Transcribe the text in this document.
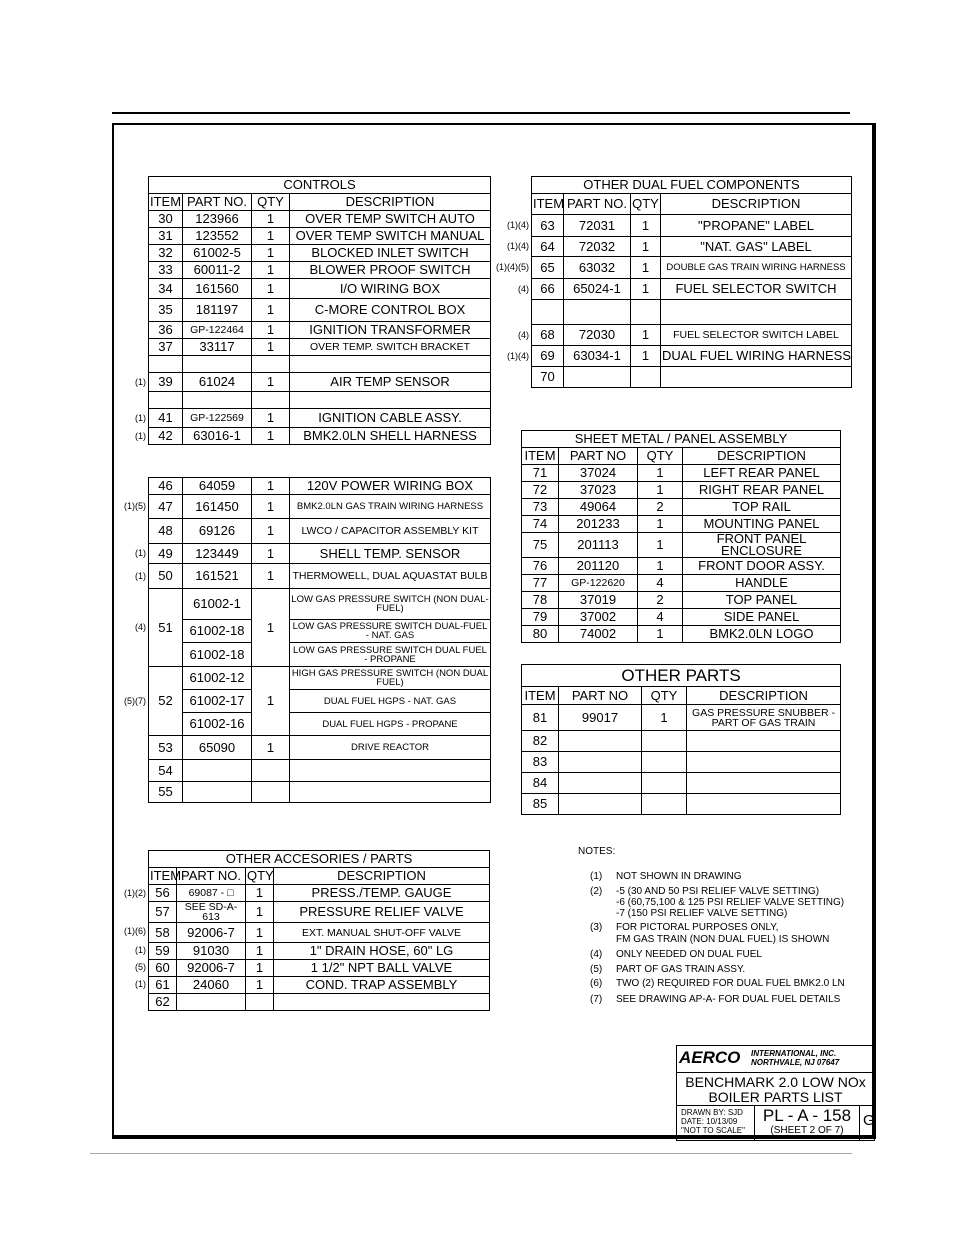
CONTROLS			
ITEM	PART NO.	QTY	DESCRIPTION
30	123966	1	OVER TEMP SWITCH AUTO
31	123552	1	OVER TEMP SWITCH MANUAL
32	61002-5	1	BLOCKED INLET SWITCH
33	60011-2	1	BLOWER PROOF SWITCH
34	161560	1	I/O WIRING BOX
35	181197	1	C-MORE CONTROL BOX
36	GP-122464	1	IGNITION TRANSFORMER
37	33117	1	OVER TEMP. SWITCH BRACKET

39	61024	1	AIR TEMP SENSOR

41	GP-122569	1	IGNITION CABLE ASSY.
42	63016-1	1	BMK2.0LN SHELL HARNESS
46	64059	1	120V POWER WIRING BOX
47	161450	1	BMK2.0LN GAS TRAIN WIRING HARNESS
48	69126	1	LWCO / CAPACITOR ASSEMBLY KIT
49	123449	1	SHELL TEMP. SENSOR
50	161521	1	THERMOWELL, DUAL AQUASTAT BULB
51	61002-1	1	LOW GAS PRESSURE SWITCH (NON DUAL-FUEL)
	61002-18		LOW GAS PRESSURE SWITCH DUAL-FUEL - NAT. GAS
	61002-18		LOW GAS PRESSURE SWITCH DUAL FUEL - PROPANE
52	61002-12	1	HIGH GAS PRESSURE SWITCH (NON DUAL FUEL)
	61002-17		DUAL FUEL HGPS - NAT. GAS
	61002-16		DUAL FUEL HGPS - PROPANE
53	65090	1	DRIVE REACTOR
54			
55			
OTHER ACCESORIES / PARTS			
ITEM	PART NO.	QTY	DESCRIPTION
56	69087 - □	1	PRESS./TEMP. GAUGE
57	SEE SD-A-613	1	PRESSURE RELIEF VALVE
58	92006-7	1	EXT. MANUAL SHUT-OFF VALVE
59	91030	1	1" DRAIN HOSE, 60" LG
60	92006-7	1	1 1/2" NPT BALL VALVE
61	24060	1	COND. TRAP ASSEMBLY
62			
OTHER DUAL FUEL COMPONENTS			
ITEM	PART NO.	QTY	DESCRIPTION
63	72031	1	"PROPANE" LABEL
64	72032	1	"NAT. GAS" LABEL
65	63032	1	DOUBLE GAS TRAIN WIRING HARNESS
66	65024-1	1	FUEL SELECTOR SWITCH

68	72030	1	FUEL SELECTOR SWITCH LABEL
69	63034-1	1	DUAL FUEL WIRING HARNESS
70			
SHEET METAL / PANEL ASSEMBLY			
ITEM	PART NO	QTY	DESCRIPTION
71	37024	1	LEFT REAR PANEL
72	37023	1	RIGHT REAR PANEL
73	49064	2	TOP RAIL
74	201233	1	MOUNTING PANEL
75	201113	1	FRONT PANEL ENCLOSURE
76	201120	1	FRONT DOOR ASSY.
77	GP-122620	4	HANDLE
78	37019	2	TOP PANEL
79	37002	4	SIDE PANEL
80	74002	1	BMK2.0LN LOGO
OTHER PARTS			
ITEM	PART NO	QTY	DESCRIPTION
81	99017	1	GAS PRESSURE SNUBBER - PART OF GAS TRAIN
82			
83			
84			
85			
NOTES:
(1) NOT SHOWN IN DRAWING
(2) -5 (30 AND 50 PSI RELIEF VALVE SETTING)
-6 (60,75,100 & 125 PSI RELIEF VALVE SETTING)
-7 (150 PSI RELIEF VALVE SETTING)
(3) FOR PICTORAL PURPOSES ONLY,
FM GAS TRAIN (NON DUAL FUEL) IS SHOWN
(4) ONLY NEEDED ON DUAL FUEL
(5) PART OF GAS TRAIN ASSY.
(6) TWO (2) REQUIRED FOR DUAL FUEL BMK2.0 LN
(7) SEE DRAWING AP-A- FOR DUAL FUEL DETAILS
AERCO INTERNATIONAL, INC.
NORTHVALE, NJ 07647
BENCHMARK 2.0 LOW NOx
BOILER PARTS LIST
DRAWN BY: SJD
DATE: 10/13/09
"NOT TO SCALE"
PL - A - 158
(SHEET 2 OF 7)
G
(1)
(1)
(1)
(1)(5)
(1)
(1)
(4)
(5)(7)
(1)(2)
(1)(6)
(1)
(5)
(1)
(1)(4)
(1)(4)
(1)(4)(5)
(4)
(4)
(1)(4)
